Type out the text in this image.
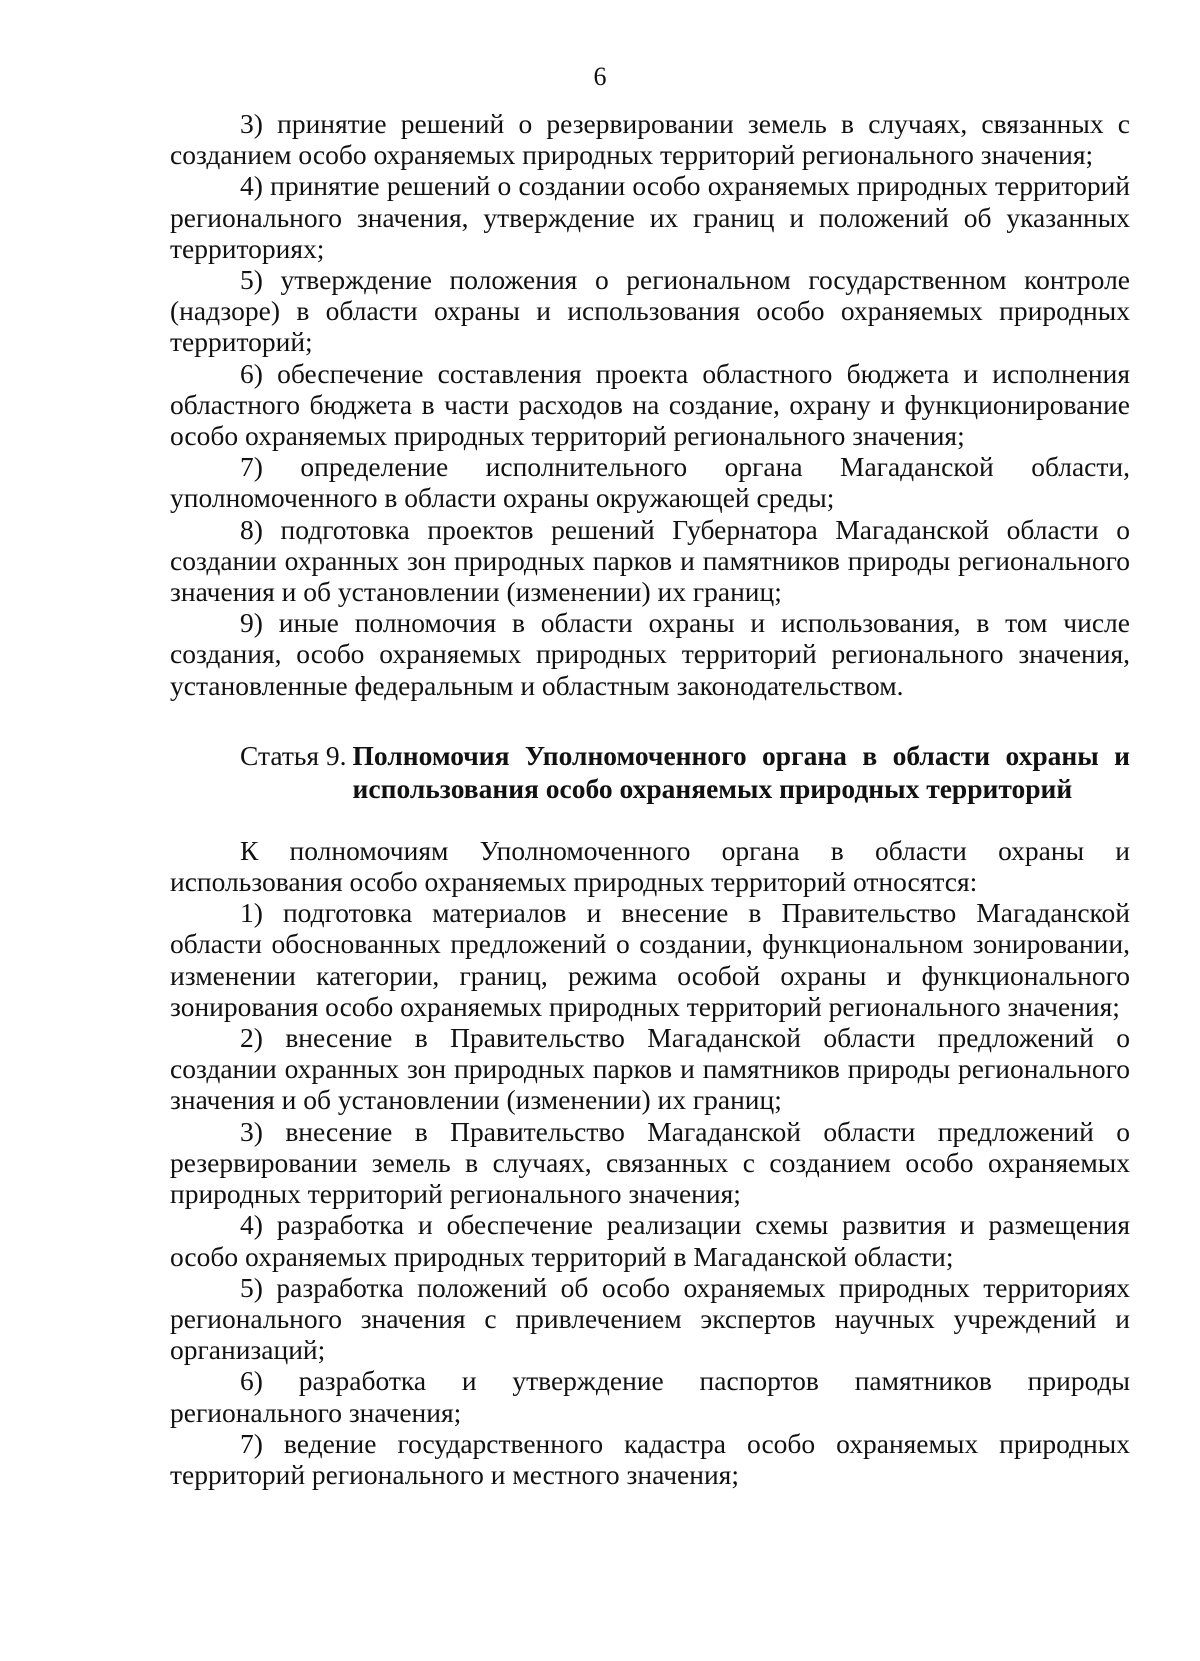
6

3) принятие решений о резервировании земель в случаях, связанных с созданием особо охраняемых природных территорий регионального значения;

4) принятие решений о создании особо охраняемых природных территорий регионального значения, утверждение их границ и положений об указанных территориях;

5) утверждение положения о региональном государственном контроле (надзоре) в области охраны и использования особо охраняемых природных территорий;

6) обеспечение составления проекта областного бюджета и исполнения областного бюджета в части расходов на создание, охрану и функционирование особо охраняемых природных территорий регионального значения;

7) определение исполнительного органа Магаданской области, уполномоченного в области охраны окружающей среды;

8) подготовка проектов решений Губернатора Магаданской области о создании охранных зон природных парков и памятников природы регионального значения и об установлении (изменении) их границ;

9) иные полномочия в области охраны и использования, в том числе создания, особо охраняемых природных территорий регионального значения, установленные федеральным и областным законодательством.

Статья 9. Полномочия Уполномоченного органа в области охраны и использования особо охраняемых природных территорий

К полномочиям Уполномоченного органа в области охраны и использования особо охраняемых природных территорий относятся:

1) подготовка материалов и внесение в Правительство Магаданской области обоснованных предложений о создании, функциональном зонировании, изменении категории, границ, режима особой охраны и функционального зонирования особо охраняемых природных территорий регионального значения;

2) внесение в Правительство Магаданской области предложений о создании охранных зон природных парков и памятников природы регионального значения и об установлении (изменении) их границ;

3) внесение в Правительство Магаданской области предложений о резервировании земель в случаях, связанных с созданием особо охраняемых природных территорий регионального значения;

4) разработка и обеспечение реализации схемы развития и размещения особо охраняемых природных территорий в Магаданской области;

5) разработка положений об особо охраняемых природных территориях регионального значения с привлечением экспертов научных учреждений и организаций;

6) разработка и утверждение паспортов памятников природы регионального значения;

7) ведение государственного кадастра особо охраняемых природных территорий регионального и местного значения;
